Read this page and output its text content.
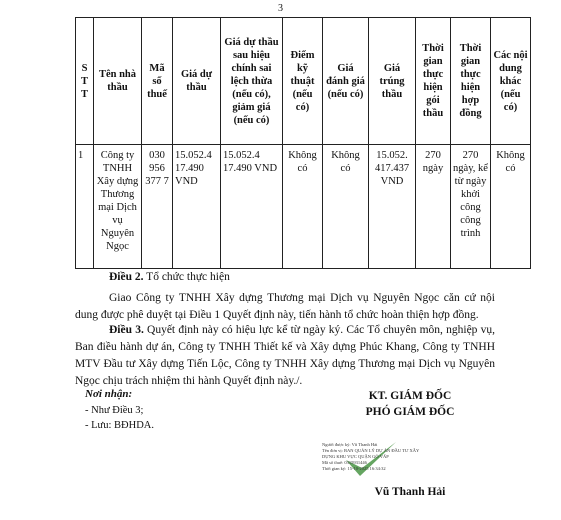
3
S T T	Tên nhà thầu	Mã số thuế	Giá dự thầu	Giá dự thầu sau hiệu chính sai lệch thừa (nếu có), giảm giá (nếu có)	Điểm kỹ thuật (nếu có)	Giá đánh giá (nếu có)	Giá trúng thầu	Thời gian thực hiện gói thầu	Thời gian thực hiện hợp đồng	Các nội dung khác (nếu có)
1	Công ty TNHH Xây dựng Thương mại Dịch vụ Nguyên Ngọc	030 956 377 7	15.052.4 17.490 VND	15.052.4 17.490 VND	Không có	Không có	15.052. 417.437 VND	270 ngày	270 ngày, kể từ ngày khởi công công trình	Không có
Điều 2. Tổ chức thực hiện
Giao Công ty TNHH Xây dựng Thương mại Dịch vụ Nguyên Ngọc căn cứ nội dung được phê duyệt tại Điều 1 Quyết định này, tiến hành tổ chức hoàn thiện hợp đồng.
Điều 3. Quyết định này có hiệu lực kể từ ngày ký. Các Tổ chuyên môn, nghiệp vụ, Ban điều hành dự án, Công ty TNHH Thiết kế và Xây dựng Phúc Khang, Công ty TNHH MTV Đầu tư Xây dựng Tiến Lộc, Công ty TNHH Xây dựng Thương mại Dịch vụ Nguyên Ngọc chịu trách nhiệm thi hành Quyết định này./.
Nơi nhận:
- Như Điều 3;
- Lưu: BĐHDA.
KT. GIÁM ĐỐC
PHÓ GIÁM ĐỐC
Người được ký: Vũ Thanh Hải
Tên đơn vị: BAN QUẢN LÝ DỰ ÁN ĐẦU TƯ XÂY
DỰNG KHU VỰC QUẬN GÒ VẤP
Mã số thuế: 0315931446
Thời gian ký: 15-10-2025 16:34:32
Vũ Thanh Hải
